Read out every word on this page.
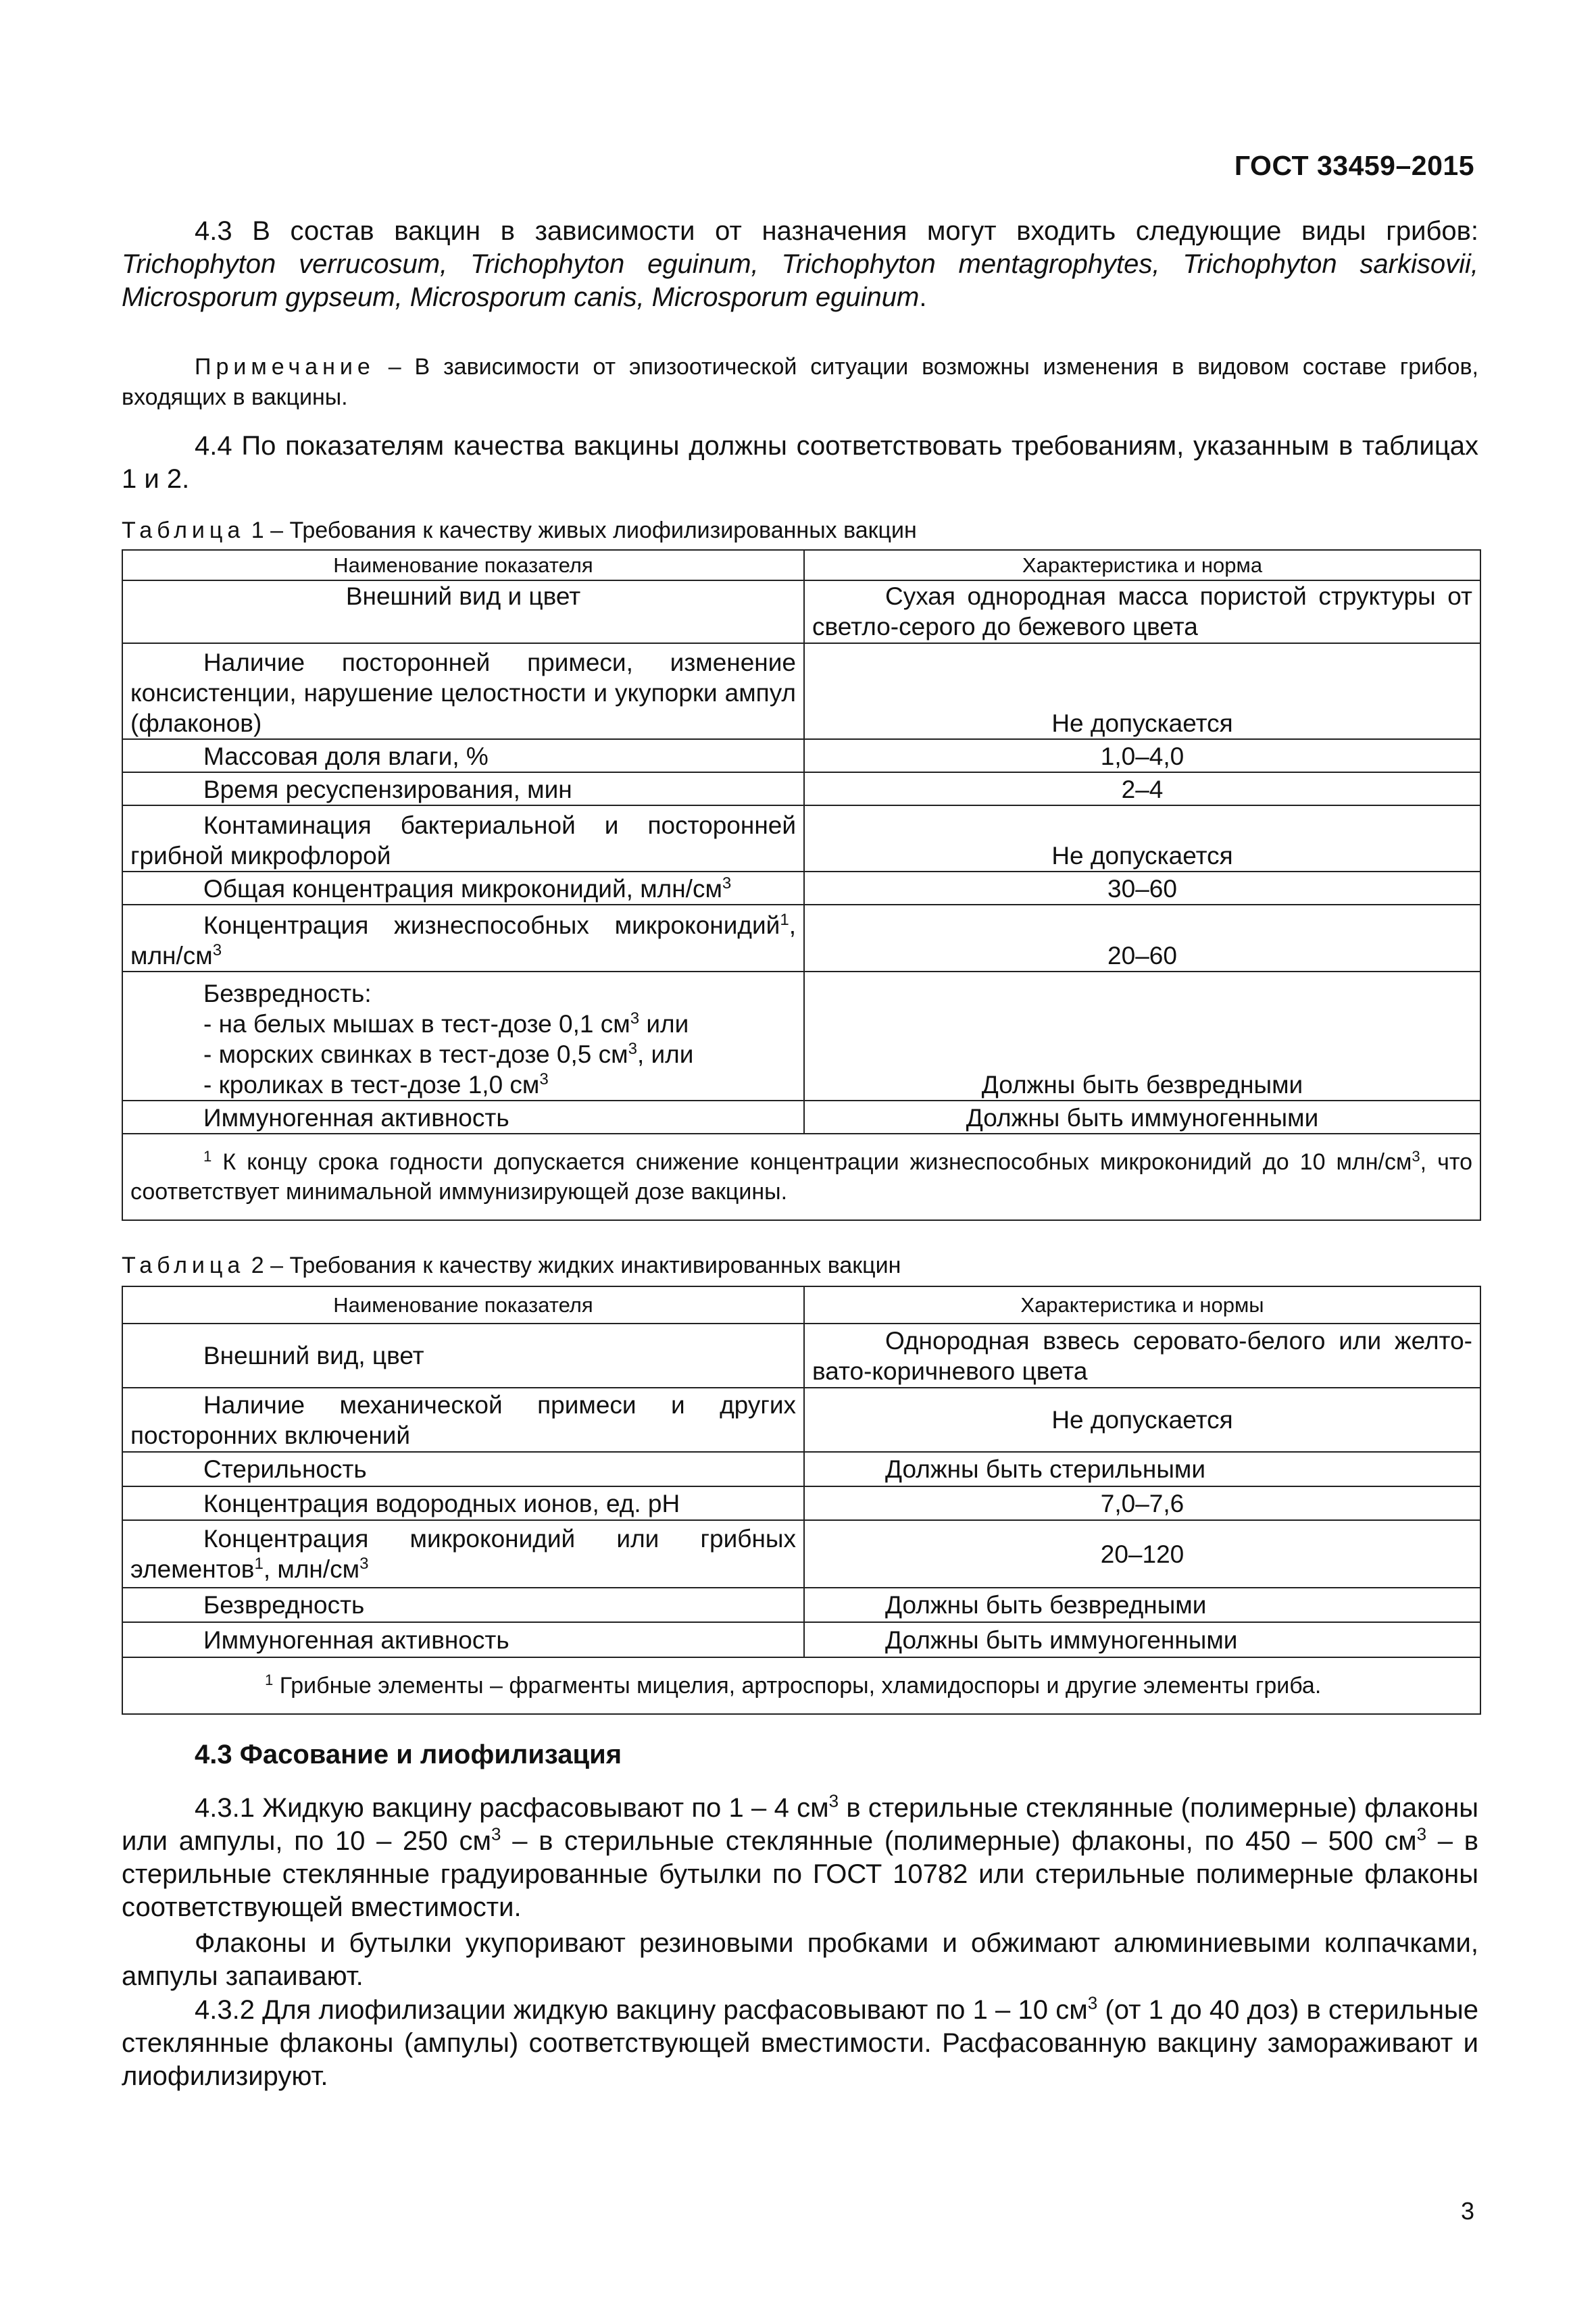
ГОСТ 33459–2015

4.3 В состав вакцин в зависимости от назначения могут входить следующие виды грибов: Trichophyton verrucosum, Trichophyton eguinum, Trichophyton mentagrophytes, Trichophyton sarkisovii, Microsporum gypseum, Microsporum canis, Microsporum eguinum.

Примечание – В зависимости от эпизоотической ситуации возможны изменения в видовом составе грибов, входящих в вакцины.

4.4 По показателям качества вакцины должны соответствовать требованиям, указанным в таблицах 1 и 2.

Таблица 1 – Требования к качеству живых лиофилизированных вакцин

Наименование показателя	Характеристика и норма
Внешний вид и цвет	Сухая однородная масса пористой структуры от светло-серого до бежевого цвета
Наличие посторонней примеси, изменение консистенции, нарушение целостности и укупорки ампул (флаконов)	Не допускается
Массовая доля влаги, %	1,0–4,0
Время ресуспензирования, мин	2–4
Контаминация бактериальной и посторонней грибной микрофлорой	Не допускается
Общая концентрация микроконидий, млн/$см^3$	30–60
Концентрация жизнеспособных микроконидий$^1$, млн/$см^3$	20–60

Безвредность:
- на белых мышах в тест-дозе 0,1 $см^3$ или
- морских свинках в тест-дозе 0,5 $см^3$, или
- кроликах в тест-дозе 1,0 $см^3$	Должны быть безвредными
Иммуногенная активность	Должны быть иммуногенными
$^1$ К концу срока годности допускается снижение концентрации жизнеспособных микроконидий до 10 млн/$см^3$, что соответствует минимальной иммунизирующей дозе вакцины.	

Таблица 2 – Требования к качеству жидких инактивированных вакцин

Наименование показателя	Характеристика и нормы
Внешний вид, цвет	Однородная взвесь серовато-белого или желто-вато-коричневого цвета
Наличие механической примеси и других посторонних включений	Не допускается
Стерильность	Должны быть стерильными
Концентрация водородных ионов, ед. pH	7,0–7,6
Концентрация микроконидий или грибных элементов$^1$, млн/$см^3$	20–120
Безвредность	Должны быть безвредными
Иммуногенная активность	Должны быть иммуногенными
$^1$ Грибные элементы – фрагменты мицелия, артроспоры, хламидоспоры и другие элементы гриба.	

4.3 Фасование и лиофилизация

4.3.1 Жидкую вакцину расфасовывают по 1 – 4 $см^3$ в стерильные стеклянные (полимерные) флаконы или ампулы, по 10 – 250 $см^3$ – в стерильные стеклянные (полимерные) флаконы, по 450 – 500 $см^3$ – в стерильные стеклянные градуированные бутылки по ГОСТ 10782 или стерильные полимерные флаконы соответствующей вместимости.

Флаконы и бутылки укупоривают резиновыми пробками и обжимают алюминиевыми колпачками, ампулы запаивают.

4.3.2 Для лиофилизации жидкую вакцину расфасовывают по 1 – 10 $см^3$ (от 1 до 40 доз) в стерильные стеклянные флаконы (ампулы) соответствующей вместимости. Расфасованную вакцину замораживают и лиофилизируют.

3
